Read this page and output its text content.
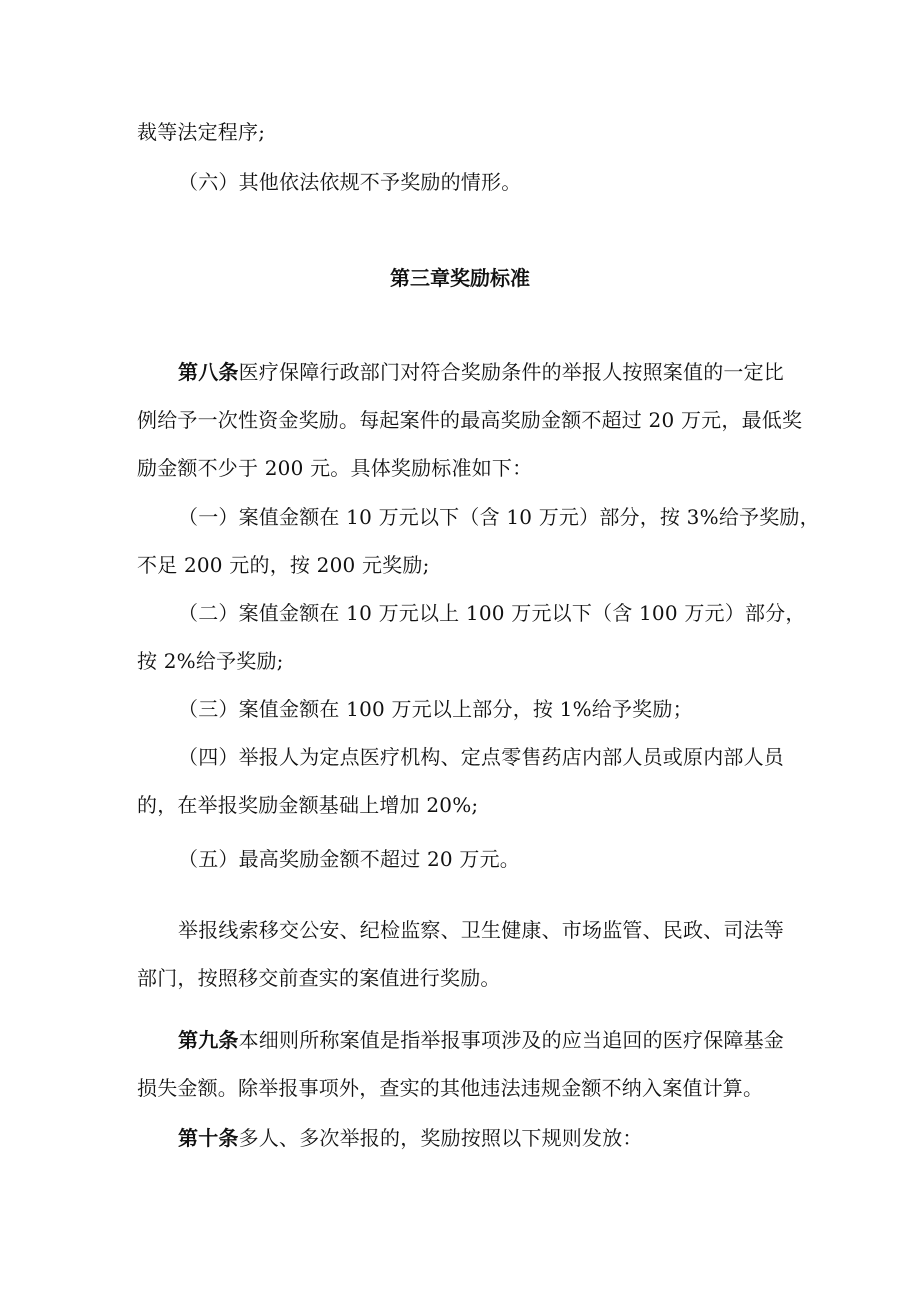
裁等法定程序;
（六）其他依法依规不予奖励的情形。
第三章奖励标准
第八条医疗保障行政部门对符合奖励条件的举报人按照案值的一定比
例给予一次性资金奖励。每起案件的最高奖励金额不超过 20 万元，最低奖
励金额不少于 200 元。具体奖励标准如下：
（一）案值金额在 10 万元以下（含 10 万元）部分，按 3%给予奖励，
不足 200 元的，按 200 元奖励;
（二）案值金额在 10 万元以上 100 万元以下（含 100 万元）部分，
按 2%给予奖励;
（三）案值金额在 100 万元以上部分，按 1%给予奖励；
（四）举报人为定点医疗机构、定点零售药店内部人员或原内部人员
的，在举报奖励金额基础上增加 20%;
（五）最高奖励金额不超过 20 万元。
举报线索移交公安、纪检监察、卫生健康、市场监管、民政、司法等
部门，按照移交前查实的案值进行奖励。
第九条本细则所称案值是指举报事项涉及的应当追回的医疗保障基金
损失金额。除举报事项外，查实的其他违法违规金额不纳入案值计算。
第十条多人、多次举报的，奖励按照以下规则发放：
